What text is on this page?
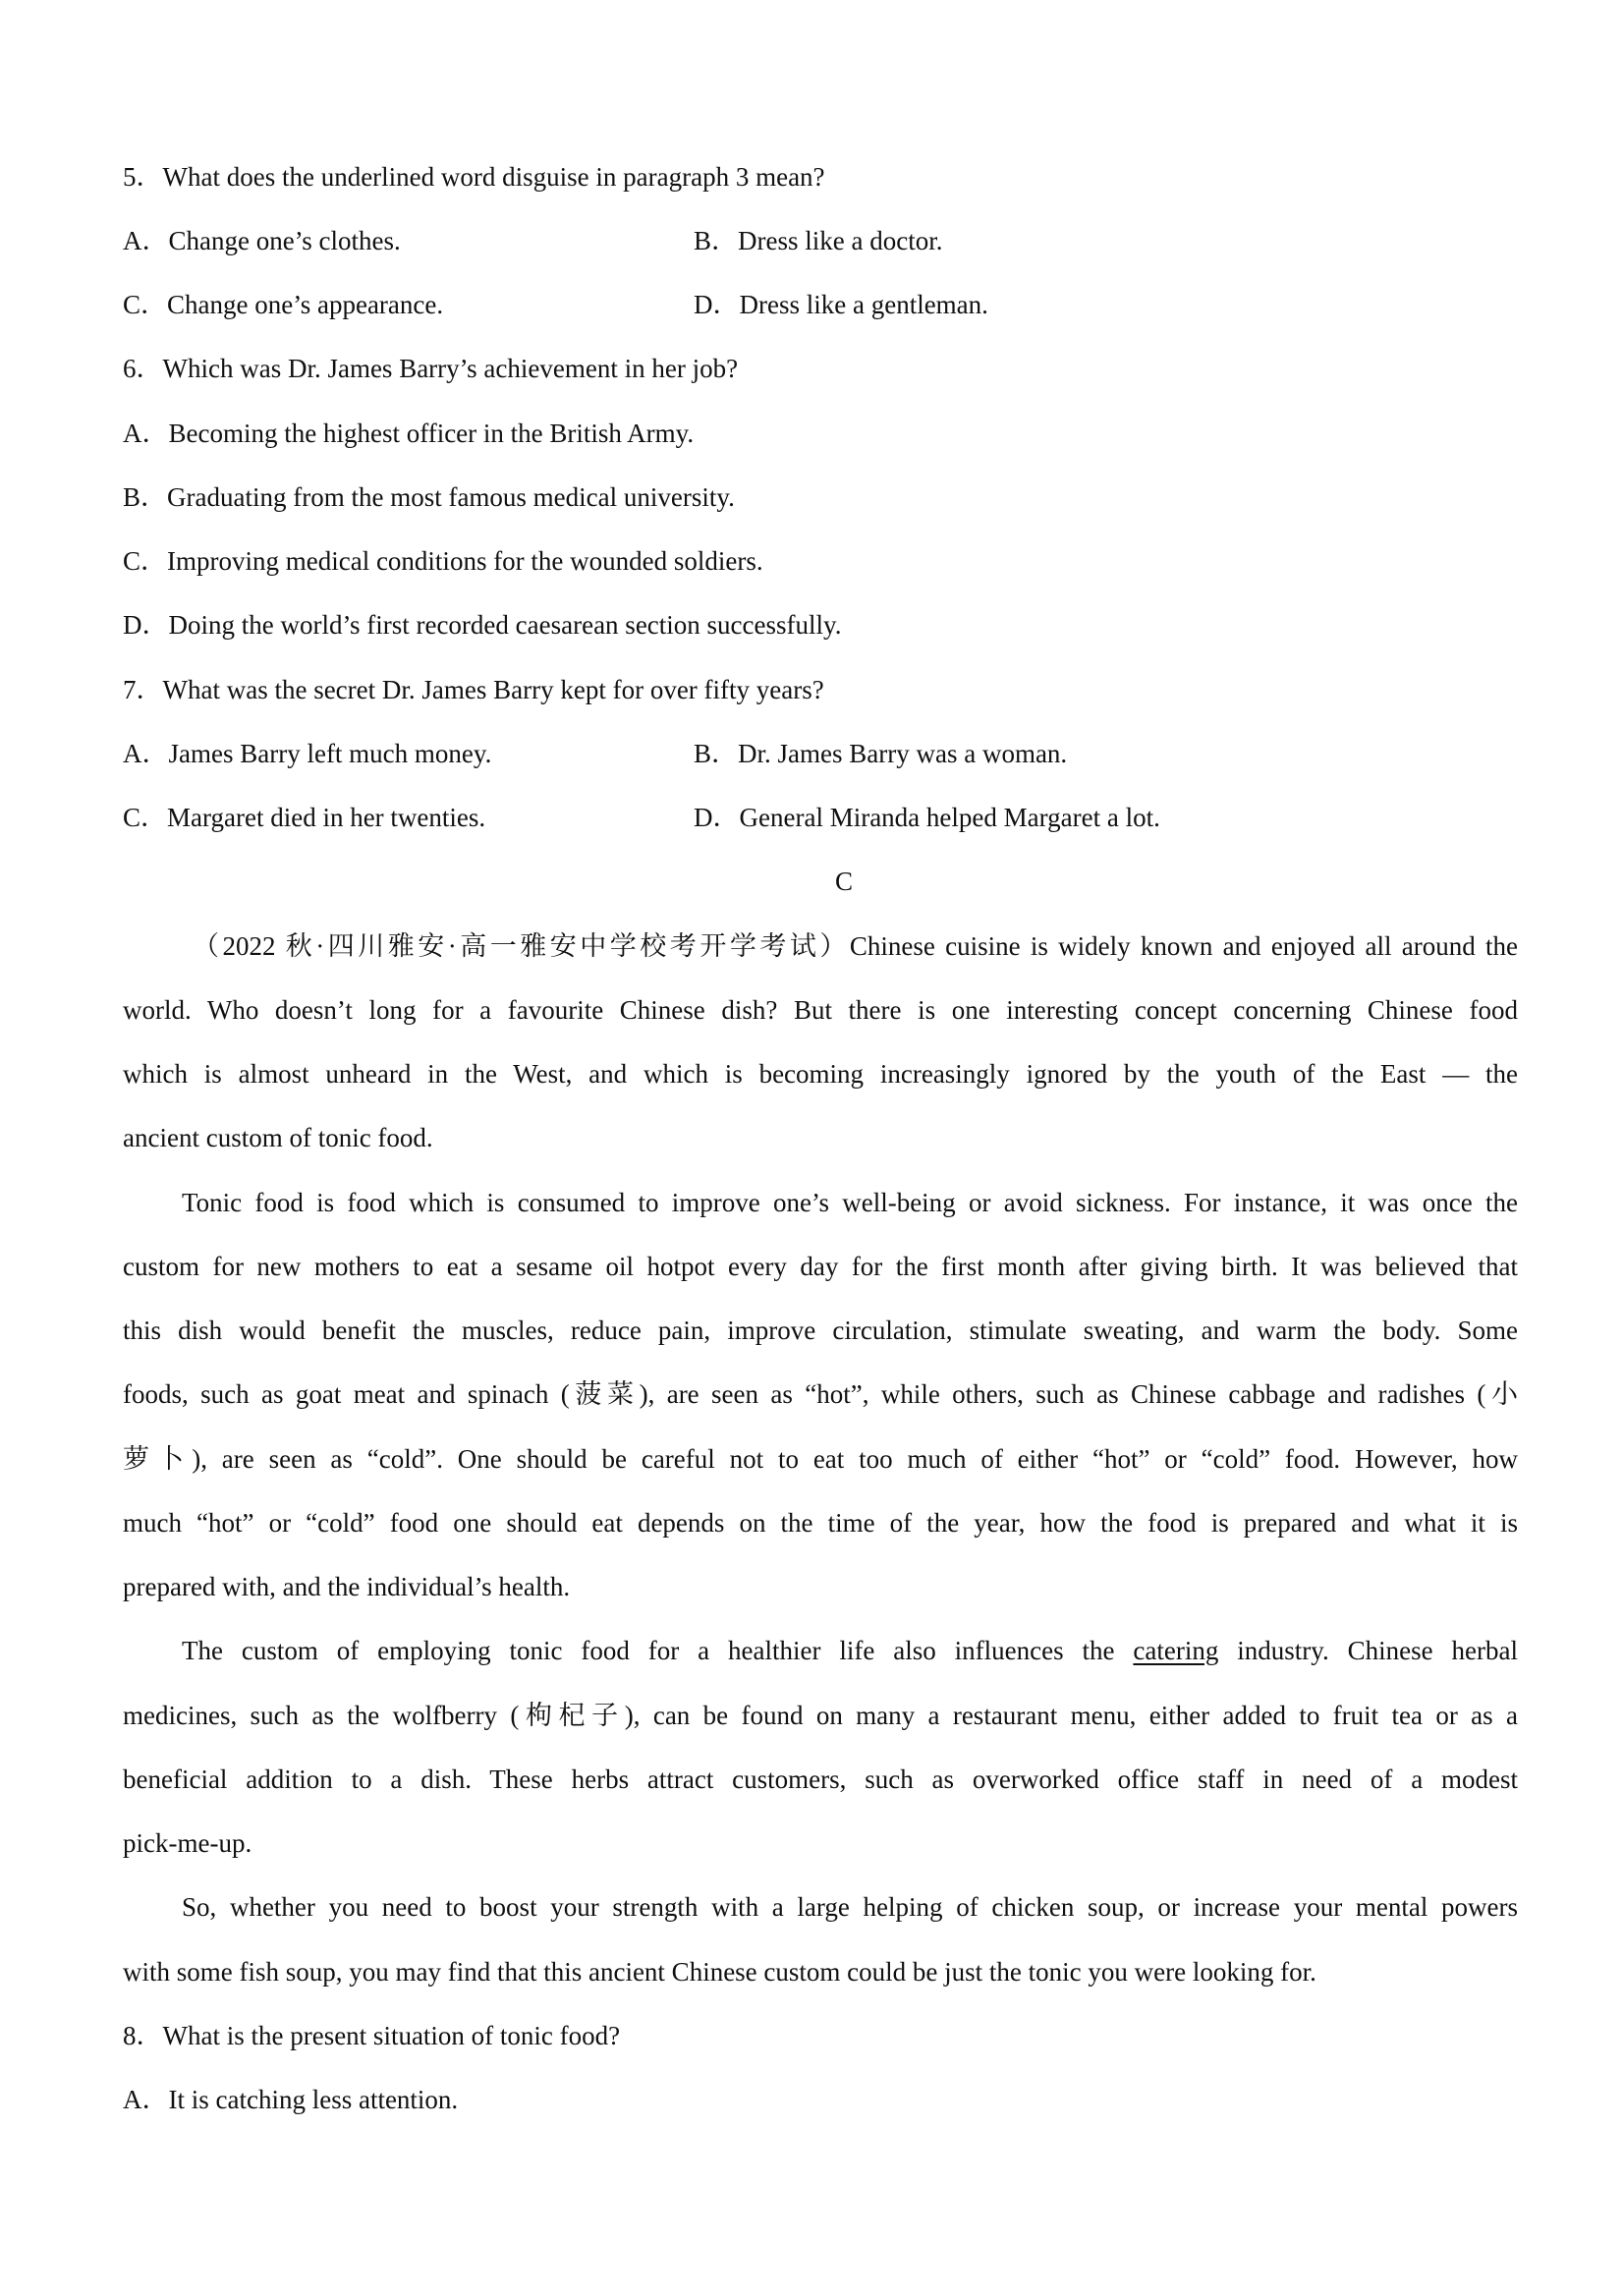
5．What does the underlined word disguise in paragraph 3 mean?
A．Change one’s clothes.	B．Dress like a doctor.
C．Change one’s appearance.	D．Dress like a gentleman.
6．Which was Dr. James Barry’s achievement in her job?
A．Becoming the highest officer in the British Army.
B．Graduating from the most famous medical university.
C．Improving medical conditions for the wounded soldiers.
D．Doing the world’s first recorded caesarean section successfully.
7．What was the secret Dr. James Barry kept for over fifty years?
A．James Barry left much money.	B．Dr. James Barry was a woman.
C．Margaret died in her twenties.	D．General Miranda helped Margaret a lot.
C
（2022 秋·四川雅安·高一雅安中学校考开学考试）Chinese cuisine is widely known and enjoyed all around the
world. Who doesn’t long for a favourite Chinese dish? But there is one interesting concept concerning Chinese food
which is almost unheard in the West, and which is becoming increasingly ignored by the youth of the East — the
ancient custom of tonic food.
Tonic food is food which is consumed to improve one’s well-being or avoid sickness. For instance, it was once the
custom for new mothers to eat a sesame oil hotpot every day for the first month after giving birth. It was believed that
this dish would benefit the muscles, reduce pain, improve circulation, stimulate sweating, and warm the body. Some
foods, such as goat meat and spinach (菠菜), are seen as “hot”, while others, such as Chinese cabbage and radishes (小
萝卜), are seen as “cold”. One should be careful not to eat too much of either “hot” or “cold” food. However, how
much “hot” or “cold” food one should eat depends on the time of the year, how the food is prepared and what it is
prepared with, and the individual’s health.
The custom of employing tonic food for a healthier life also influences the catering industry. Chinese herbal
medicines, such as the wolfberry (枸杞子), can be found on many a restaurant menu, either added to fruit tea or as a
beneficial addition to a dish. These herbs attract customers, such as overworked office staff in need of a modest
pick-me-up.
So, whether you need to boost your strength with a large helping of chicken soup, or increase your mental powers
with some fish soup, you may find that this ancient Chinese custom could be just the tonic you were looking for.
8．What is the present situation of tonic food?
A．It is catching less attention.
